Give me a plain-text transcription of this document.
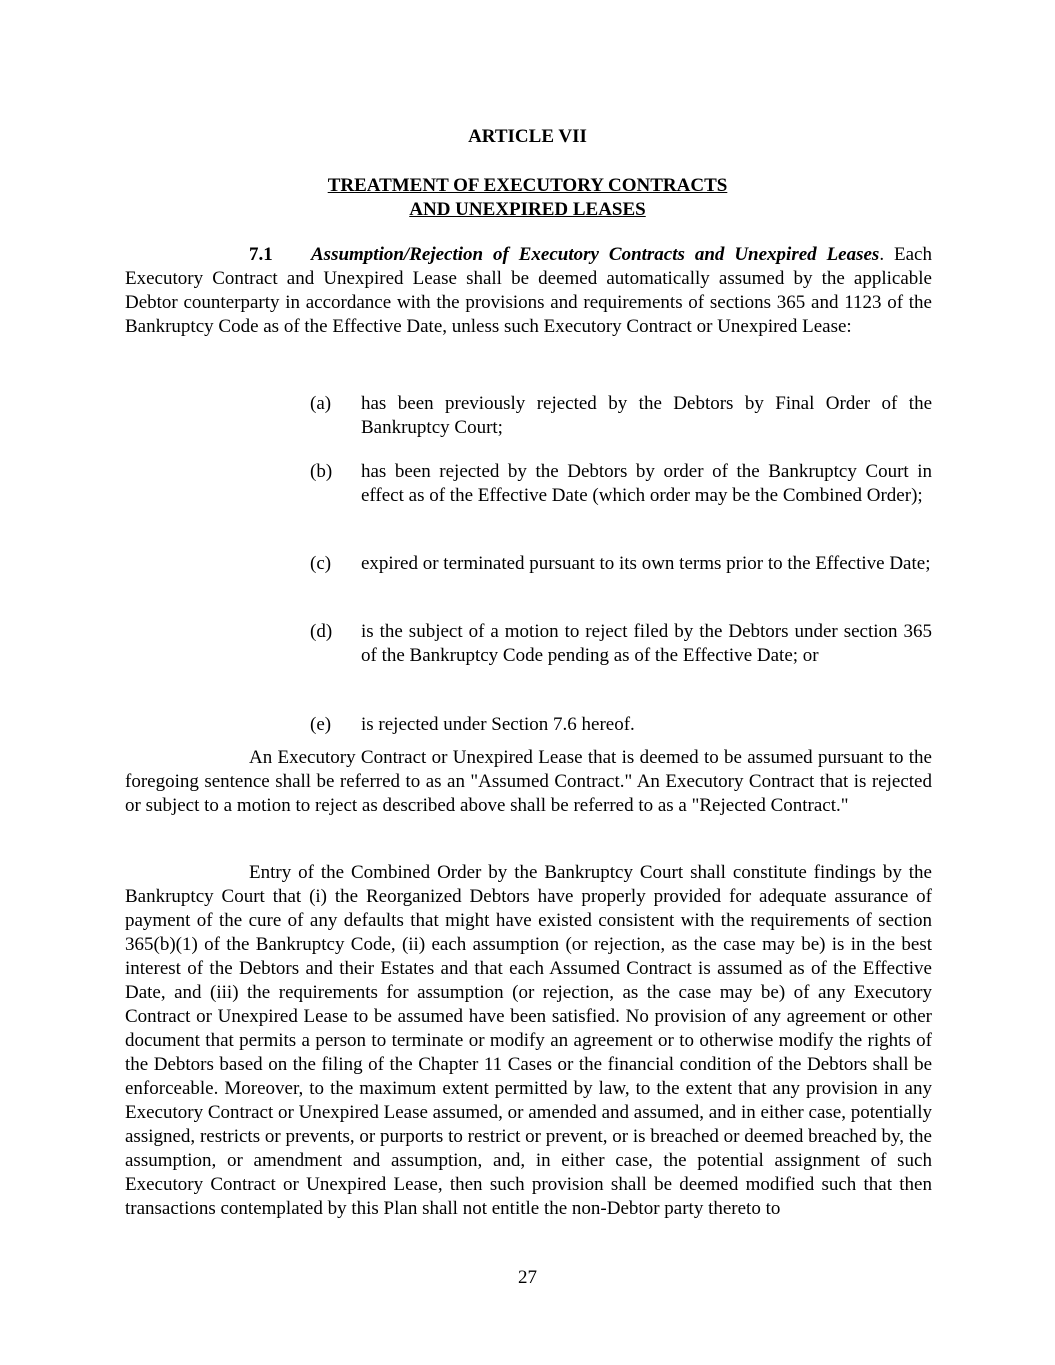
ARTICLE VII
TREATMENT OF EXECUTORY CONTRACTS
AND UNEXPIRED LEASES

7.1 Assumption/Rejection of Executory Contracts and Unexpired Leases. Each Executory Contract and Unexpired Lease shall be deemed automatically assumed by the applicable Debtor counterparty in accordance with the provisions and requirements of sections 365 and 1123 of the Bankruptcy Code as of the Effective Date, unless such Executory Contract or Unexpired Lease:

(a)	has been previously rejected by the Debtors by Final Order of the Bankruptcy Court;
(b)	has been rejected by the Debtors by order of the Bankruptcy Court in effect as of the Effective Date (which order may be the Combined Order);
(c)	expired or terminated pursuant to its own terms prior to the Effective Date;
(d)	is the subject of a motion to reject filed by the Debtors under section 365 of the Bankruptcy Code pending as of the Effective Date; or
(e)	is rejected under Section 7.6 hereof.

An Executory Contract or Unexpired Lease that is deemed to be assumed pursuant to the foregoing sentence shall be referred to as an "Assumed Contract." An Executory Contract that is rejected or subject to a motion to reject as described above shall be referred to as a "Rejected Contract."

Entry of the Combined Order by the Bankruptcy Court shall constitute findings by the Bankruptcy Court that (i) the Reorganized Debtors have properly provided for adequate assurance of payment of the cure of any defaults that might have existed consistent with the requirements of section 365(b)(1) of the Bankruptcy Code, (ii) each assumption (or rejection, as the case may be) is in the best interest of the Debtors and their Estates and that each Assumed Contract is assumed as of the Effective Date, and (iii) the requirements for assumption (or rejection, as the case may be) of any Executory Contract or Unexpired Lease to be assumed have been satisfied. No provision of any agreement or other document that permits a person to terminate or modify an agreement or to otherwise modify the rights of the Debtors based on the filing of the Chapter 11 Cases or the financial condition of the Debtors shall be enforceable. Moreover, to the maximum extent permitted by law, to the extent that any provision in any Executory Contract or Unexpired Lease assumed, or amended and assumed, and in either case, potentially assigned, restricts or prevents, or purports to restrict or prevent, or is breached or deemed breached by, the assumption, or amendment and assumption, and, in either case, the potential assignment of such Executory Contract or Unexpired Lease, then such provision shall be deemed modified such that then transactions contemplated by this Plan shall not entitle the non-Debtor party thereto to

27
